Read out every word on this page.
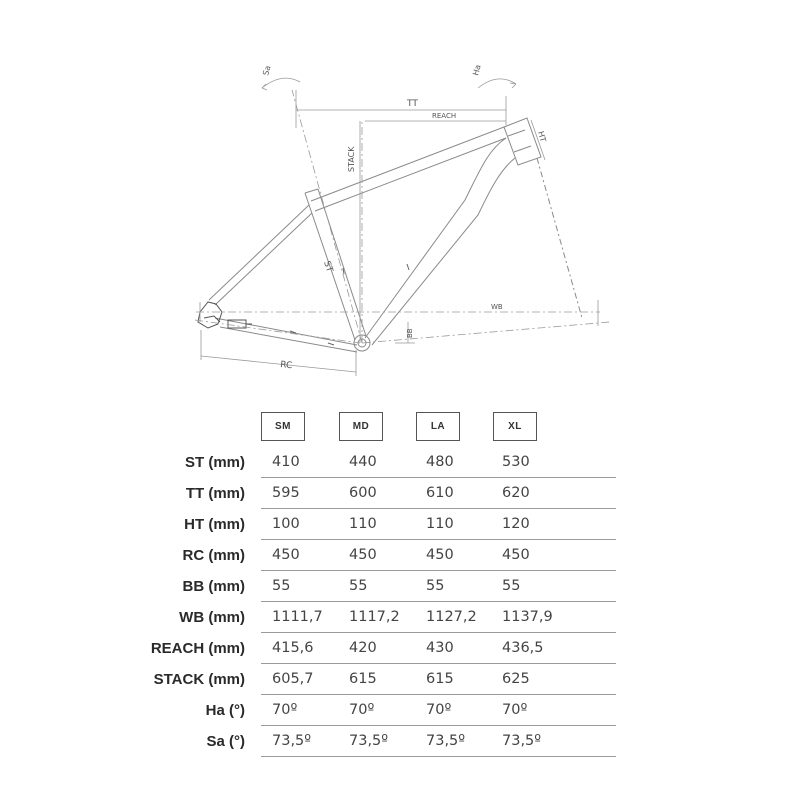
Sa	Ha
TT
REACH
HT
STACK
ST
WB
BB
RC
SM	MD	LA	XL
ST (mm) 410	440	480	530
TT (mm) 595	600	610	620
HT (mm) 100	110	110	120
RC (mm) 450	450	450	450
BB (mm) 55	55	55	55
WB (mm) 1111,7 1117,2 1127,2 1137,9
REACH (mm) 415,6 420	430	436,5
STACK (mm) 605,7 615	615	625
Ha (°) 70º	70º	70º	70º
Sa (°) 73,5º	73,5º	73,5º	73,5º
